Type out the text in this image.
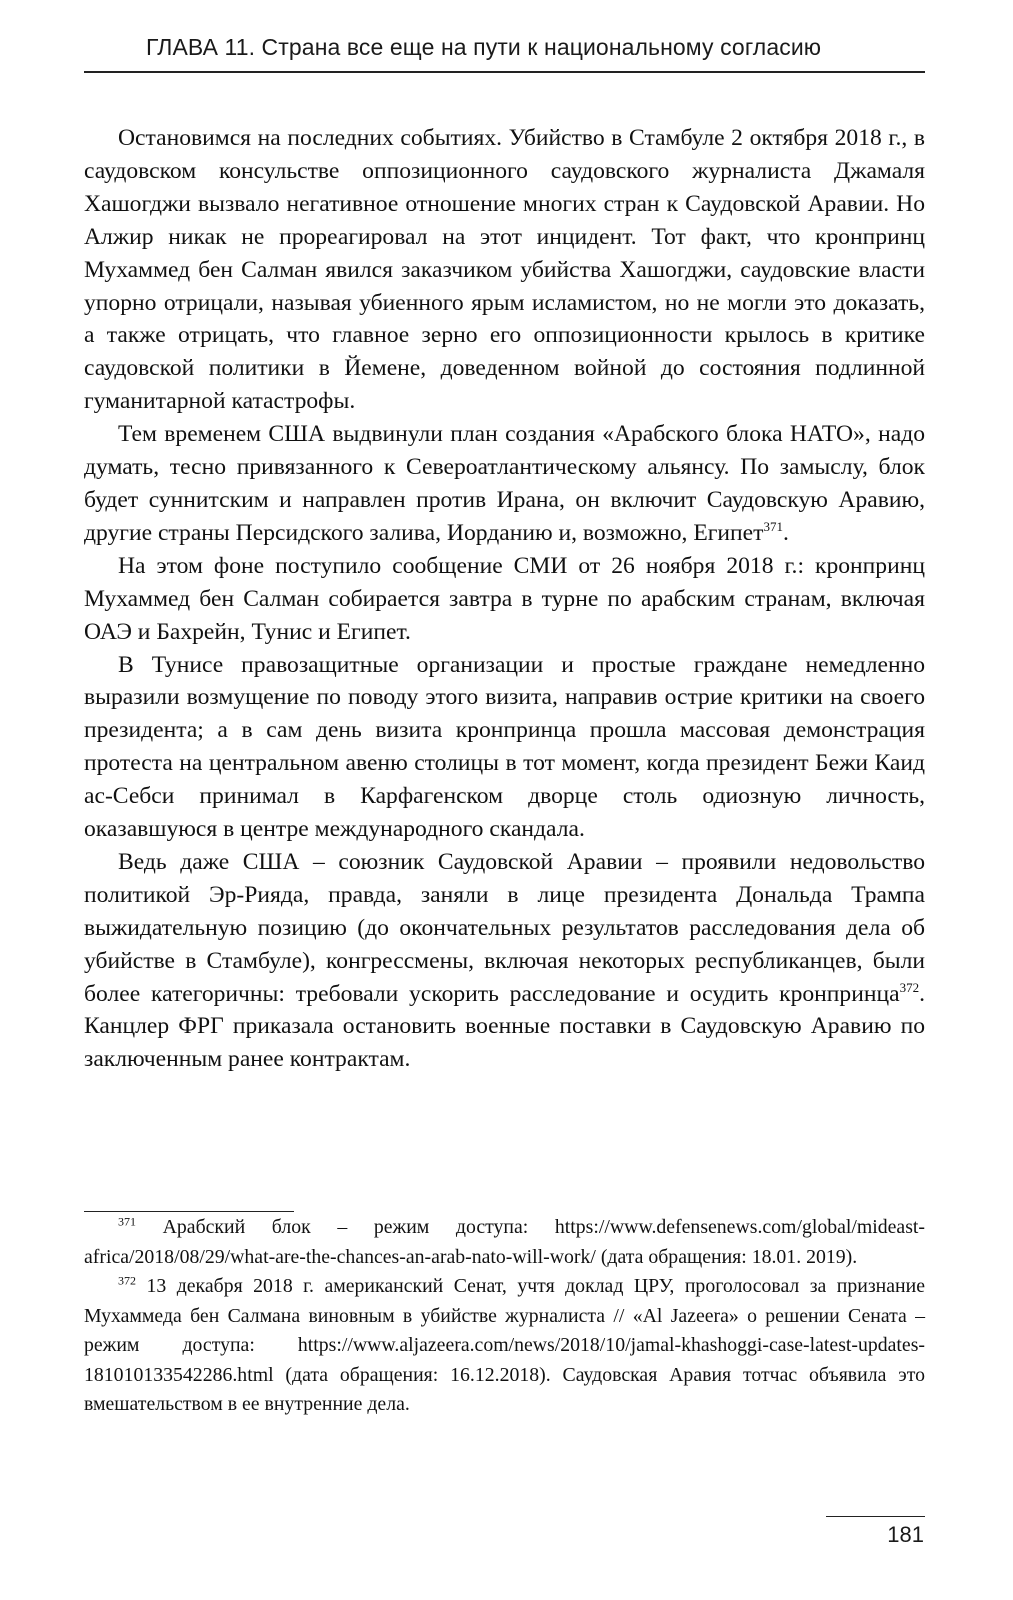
ГЛАВА 11. Страна все еще на пути к национальному согласию

Остановимся на последних событиях. Убийство в Стамбуле 2 октября 2018 г., в саудовском консульстве оппозиционного саудовского журналиста Джамаля Хашогджи вызвало негативное отношение многих стран к Саудовской Аравии. Но Алжир никак не прореагировал на этот инцидент. Тот факт, что кронпринц Мухаммед бен Салман явился заказчиком убийства Хашогджи, саудовские власти упорно отрицали, называя убиенного ярым исламистом, но не могли это доказать, а также отрицать, что главное зерно его оппозиционности крылось в критике саудовской политики в Йемене, доведенном войной до состояния подлинной гуманитарной катастрофы.

Тем временем США выдвинули план создания «Арабского блока НАТО», надо думать, тесно привязанного к Североатлантическому альянсу. По замыслу, блок будет суннитским и направлен против Ирана, он включит Саудовскую Аравию, другие страны Персидского залива, Иорданию и, возможно, Египет$^{371}$.

На этом фоне поступило сообщение СМИ от 26 ноября 2018 г.: кронпринц Мухаммед бен Салман собирается завтра в турне по арабским странам, включая ОАЭ и Бахрейн, Тунис и Египет.

В Тунисе правозащитные организации и простые граждане немедленно выразили возмущение по поводу этого визита, направив острие критики на своего президента; а в сам день визита кронпринца прошла массовая демонстрация протеста на центральном авеню столицы в тот момент, когда президент Бежи Каид ас-Себси принимал в Карфагенском дворце столь одиозную личность, оказавшуюся в центре международного скандала.

Ведь даже США – союзник Саудовской Аравии – проявили недовольство политикой Эр-Рияда, правда, заняли в лице президента Дональда Трампа выжидательную позицию (до окончательных результатов расследования дела об убийстве в Стамбуле), конгрессмены, включая некоторых республиканцев, были более категоричны: требовали ускорить расследование и осудить кронпринца$^{372}$. Канцлер ФРГ приказала остановить военные поставки в Саудовскую Аравию по заключенным ранее контрактам.

$^{371}$ Арабский блок – режим доступа: https://www.defensenews.com/global/mideast-africa/2018/08/29/what-are-the-chances-an-arab-nato-will-work/ (дата обращения: 18.01. 2019).

$^{372}$ 13 декабря 2018 г. американский Сенат, учтя доклад ЦРУ, проголосовал за признание Мухаммеда бен Салмана виновным в убийстве журналиста // «Al Jazeera» о решении Сената – режим доступа: https://www.aljazeera.com/news/2018/10/jamal-khashoggi-case-latest-updates-181010133542286.html (дата обращения: 16.12.2018). Саудовская Аравия тотчас объявила это вмешательством в ее внутренние дела.

181
